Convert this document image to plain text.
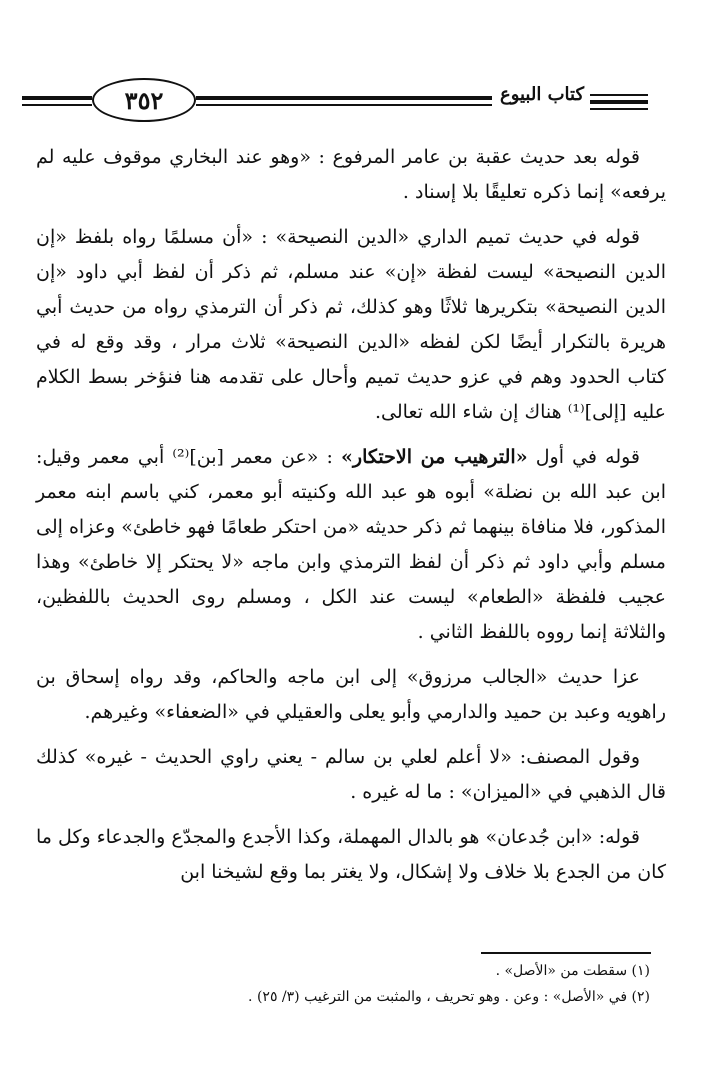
٣٥٢	كتاب البيوع

قوله بعد حديث عقبة بن عامر المرفوع : «وهو عند البخاري موقوف عليه لم يرفعه» إنما ذكره تعليقًا بلا إسناد .

قوله في حديث تميم الداري «الدين النصيحة» : «أن مسلمًا رواه بلفظ «إن الدين النصيحة» ليست لفظة «إن» عند مسلم، ثم ذكر أن لفظ أبي داود «إن الدين النصيحة» بتكريرها ثلاثًا وهو كذلك، ثم ذكر أن الترمذي رواه من حديث أبي هريرة بالتكرار أيضًا لكن لفظه «الدين النصيحة» ثلاث مرار ، وقد وقع له في كتاب الحدود وهم في عزو حديث تميم وأحال على تقدمه هنا فنؤخر بسط الكلام عليه [إلى]⁽¹⁾ هناك إن شاء الله تعالى.

قوله في أول «الترهيب من الاحتكار» : «عن معمر [بن]⁽²⁾ أبي معمر وقيل: ابن عبد الله بن نضلة» أبوه هو عبد الله وكنيته أبو معمر، كني باسم ابنه معمر المذكور، فلا منافاة بينهما ثم ذكر حديثه «من احتكر طعامًا فهو خاطئ» وعزاه إلى مسلم وأبي داود ثم ذكر أن لفظ الترمذي وابن ماجه «لا يحتكر إلا خاطئ» وهذا عجيب فلفظة «الطعام» ليست عند الكل ، ومسلم روى الحديث باللفظين، والثلاثة إنما رووه باللفظ الثاني .

عزا حديث «الجالب مرزوق» إلى ابن ماجه والحاكم، وقد رواه إسحاق بن راهويه وعبد بن حميد والدارمي وأبو يعلى والعقيلي في «الضعفاء» وغيرهم.

وقول المصنف: «لا أعلم لعلي بن سالم - يعني راوي الحديث - غيره» كذلك قال الذهبي في «الميزان» : ما له غيره .

قوله: «ابن جُدعان» هو بالدال المهملة، وكذا الأجدع والمجدّع والجدعاء وكل ما كان من الجدع بلا خلاف ولا إشكال، ولا يغتر بما وقع لشيخنا ابن

(١) سقطت من «الأصل» .

(٢) في «الأصل» : وعن . وهو تحريف ، والمثبت من الترغيب (٣/ ٢٥) .
